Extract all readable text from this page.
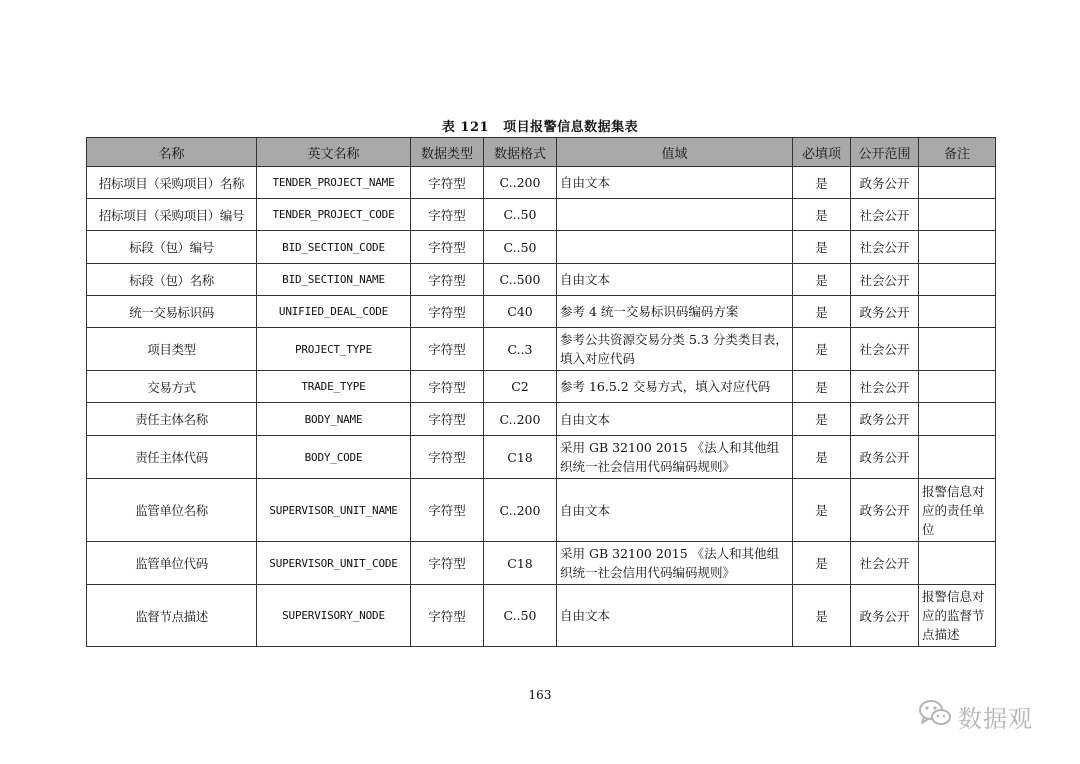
表 121 项目报警信息数据集表
名称	英文名称	数据类型	数据格式	值域	必填项	公开范围	备注
招标项目（采购项目）名称	TENDER_PROJECT_NAME	字符型	C..200	自由文本	是	政务公开	
招标项目（采购项目）编号	TENDER_PROJECT_CODE	字符型	C..50		是	社会公开	
标段（包）编号	BID_SECTION_CODE	字符型	C..50		是	社会公开	
标段（包）名称	BID_SECTION_NAME	字符型	C..500	自由文本	是	社会公开	
统一交易标识码	UNIFIED_DEAL_CODE	字符型	C40	参考 4 统一交易标识码编码方案	是	政务公开	
项目类型	PROJECT_TYPE	字符型	C..3	参考公共资源交易分类 5.3 分类类目表，填入对应代码	是	社会公开	
交易方式	TRADE_TYPE	字符型	C2	参考 16.5.2 交易方式，填入对应代码	是	社会公开	
责任主体名称	BODY_NAME	字符型	C..200	自由文本	是	政务公开	
责任主体代码	BODY_CODE	字符型	C18	采用 GB 32100 2015 《法人和其他组织统一社会信用代码编码规则》	是	政务公开	
监管单位名称	SUPERVISOR_UNIT_NAME	字符型	C..200	自由文本	是	政务公开	报警信息对应的责任单位
监管单位代码	SUPERVISOR_UNIT_CODE	字符型	C18	采用 GB 32100 2015 《法人和其他组织统一社会信用代码编码规则》	是	社会公开	
监督节点描述	SUPERVISORY_NODE	字符型	C..50	自由文本	是	政务公开	报警信息对应的监督节点描述
163
数据观
